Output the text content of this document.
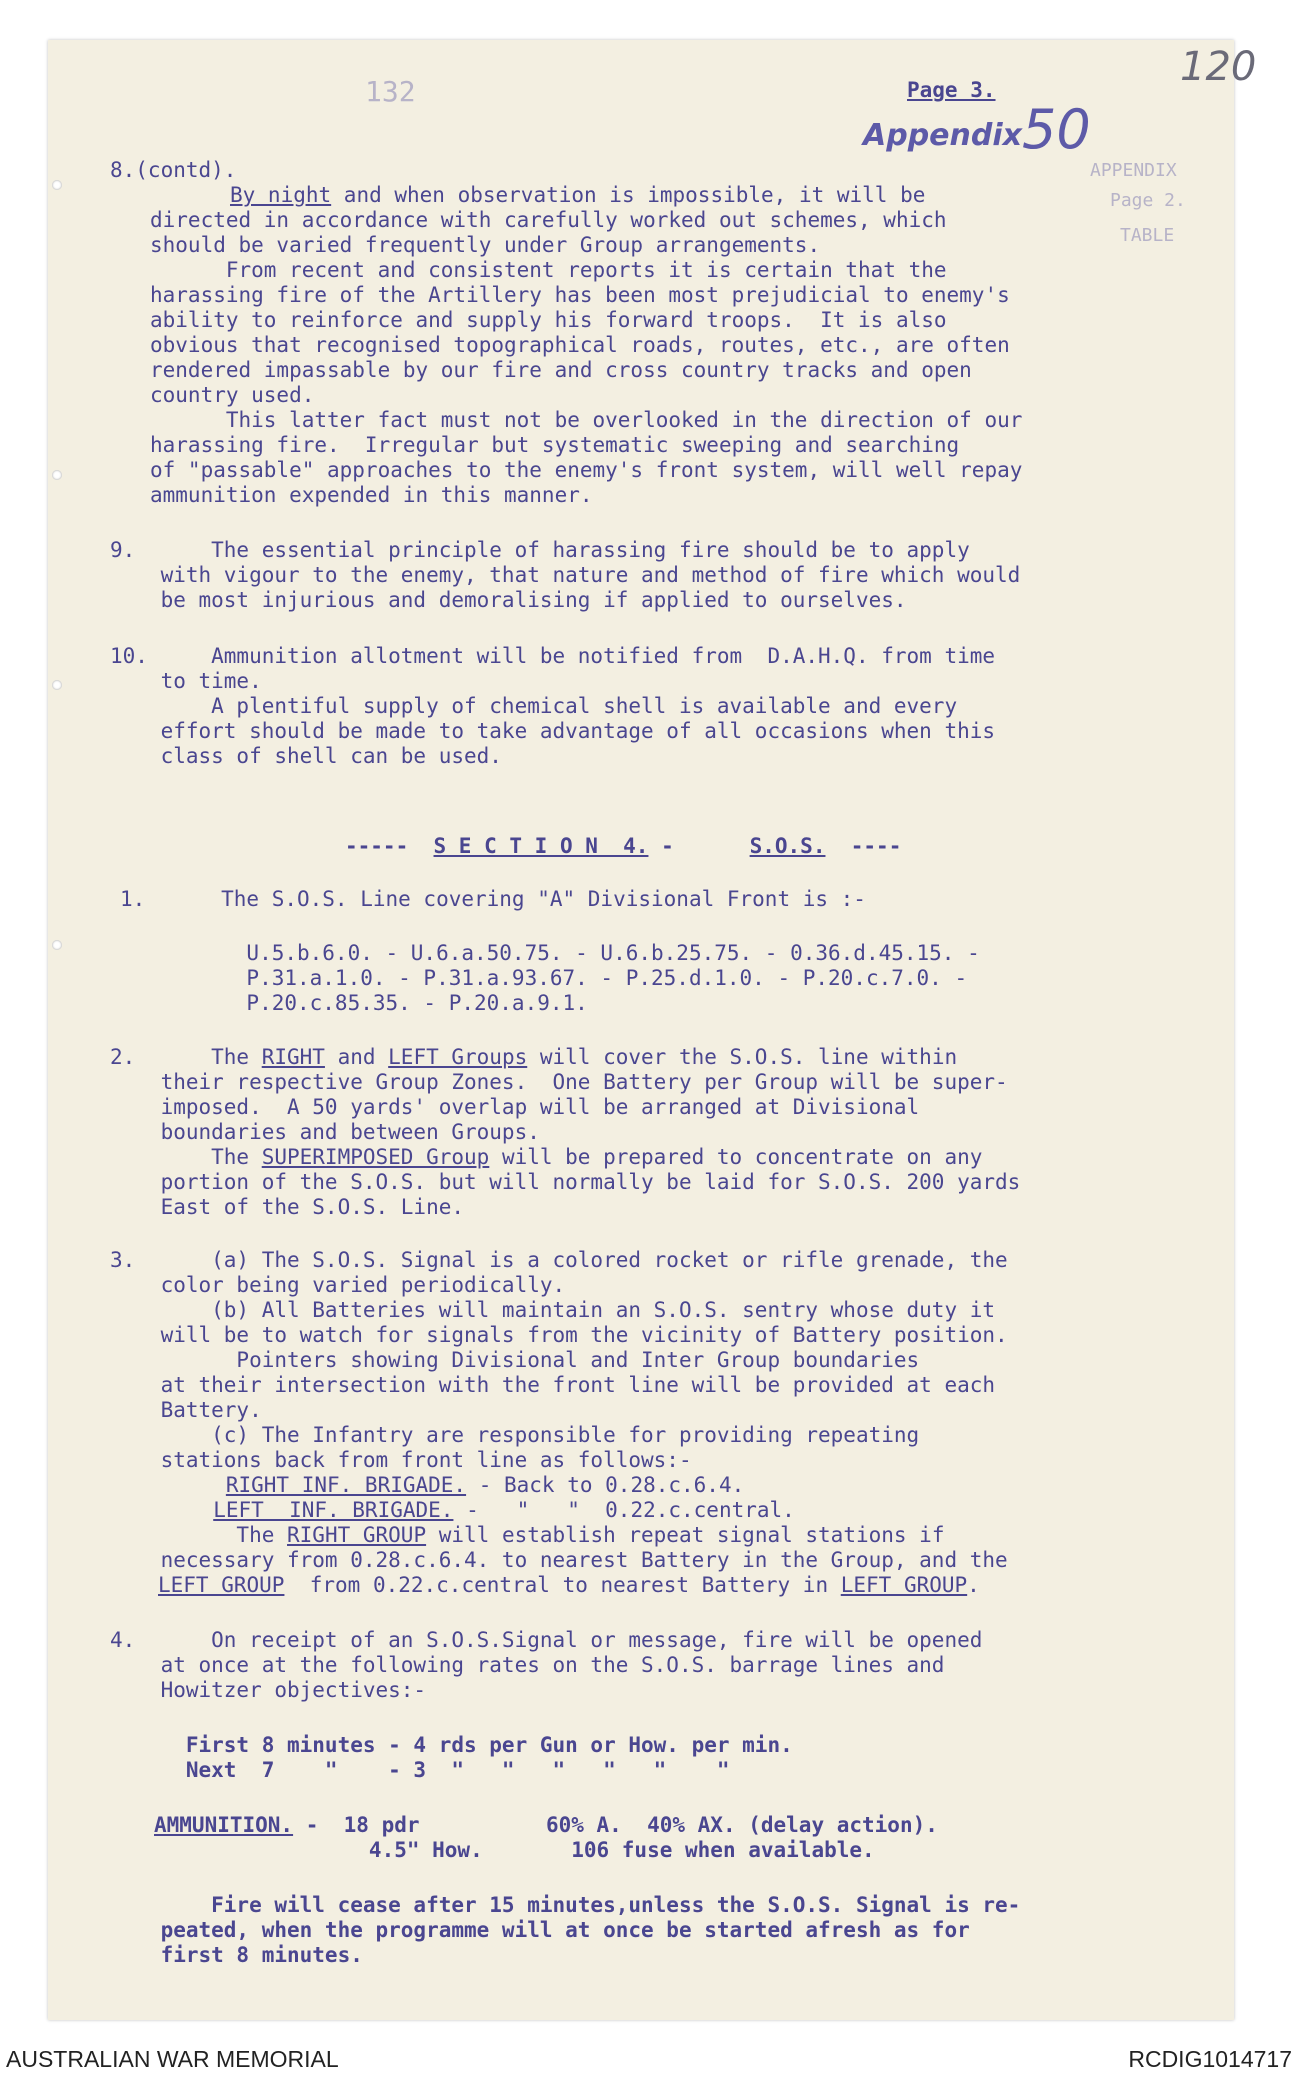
132	Page 3.
Appendix 50
120
8.(contd).
By night and when observation is impossible, it will be
directed in accordance with carefully worked out schemes, which
should be varied frequently under Group arrangements.
From recent and consistent reports it is certain that the
harassing fire of the Artillery has been most prejudicial to enemy's
ability to reinforce and supply his forward troops.  It is also
obvious that recognised topographical roads, routes, etc., are often
rendered impassable by our fire and cross country tracks and open
country used.
This latter fact must not be overlooked in the direction of our
harassing fire.  Irregular but systematic sweeping and searching
of "passable" approaches to the enemy's front system, will well repay
ammunition expended in this manner.
9.      The essential principle of harassing fire should be to apply
with vigour to the enemy, that nature and method of fire which would
be most injurious and demoralising if applied to ourselves.
10.     Ammunition allotment will be notified from  D.A.H.Q. from time
to time.
A plentiful supply of chemical shell is available and every
effort should be made to take advantage of all occasions when this
class of shell can be used.
----- S E C T I O N  4. -	S.O.S. ----
1.      The S.O.S. Line covering "A" Divisional Front is :-
U.5.b.6.0. - U.6.a.50.75. - U.6.b.25.75. - 0.36.d.45.15. -
P.31.a.1.0. - P.31.a.93.67. - P.25.d.1.0. - P.20.c.7.0. -
P.20.c.85.35. - P.20.a.9.1.
2.      The RIGHT and LEFT Groups will cover the S.O.S. line within
their respective Group Zones.  One Battery per Group will be super-
imposed.  A 50 yards' overlap will be arranged at Divisional
boundaries and between Groups.
The SUPERIMPOSED Group will be prepared to concentrate on any
portion of the S.O.S. but will normally be laid for S.O.S. 200 yards
East of the S.O.S. Line.
3.      (a) The S.O.S. Signal is a colored rocket or rifle grenade, the
color being varied periodically.
(b) All Batteries will maintain an S.O.S. sentry whose duty it
will be to watch for signals from the vicinity of Battery position.
Pointers showing Divisional and Inter Group boundaries
at their intersection with the front line will be provided at each
Battery.
(c) The Infantry are responsible for providing repeating
stations back from front line as follows:-
RIGHT INF. BRIGADE. - Back to 0.28.c.6.4.
LEFT  INF. BRIGADE. -   "   "  0.22.c.central.
The RIGHT GROUP will establish repeat signal stations if
necessary from 0.28.c.6.4. to nearest Battery in the Group, and the
LEFT GROUP  from 0.22.c.central to nearest Battery in LEFT GROUP.
4.      On receipt of an S.O.S.Signal or message, fire will be opened
at once at the following rates on the S.O.S. barrage lines and
Howitzer objectives:-
First 8 minutes - 4 rds per Gun or How. per min.
Next  7    "    - 3  "   "   "   "   "    "
AMMUNITION. -  18 pdr          60% A.  40% AX. (delay action).
4.5" How.       106 fuse when available.
Fire will cease after 15 minutes,unless the S.O.S. Signal is re-
peated, when the programme will at once be started afresh as for
first 8 minutes.
APPENDIX
Page 2.
TABLE
AUSTRALIAN WAR MEMORIAL	RCDIG1014717
